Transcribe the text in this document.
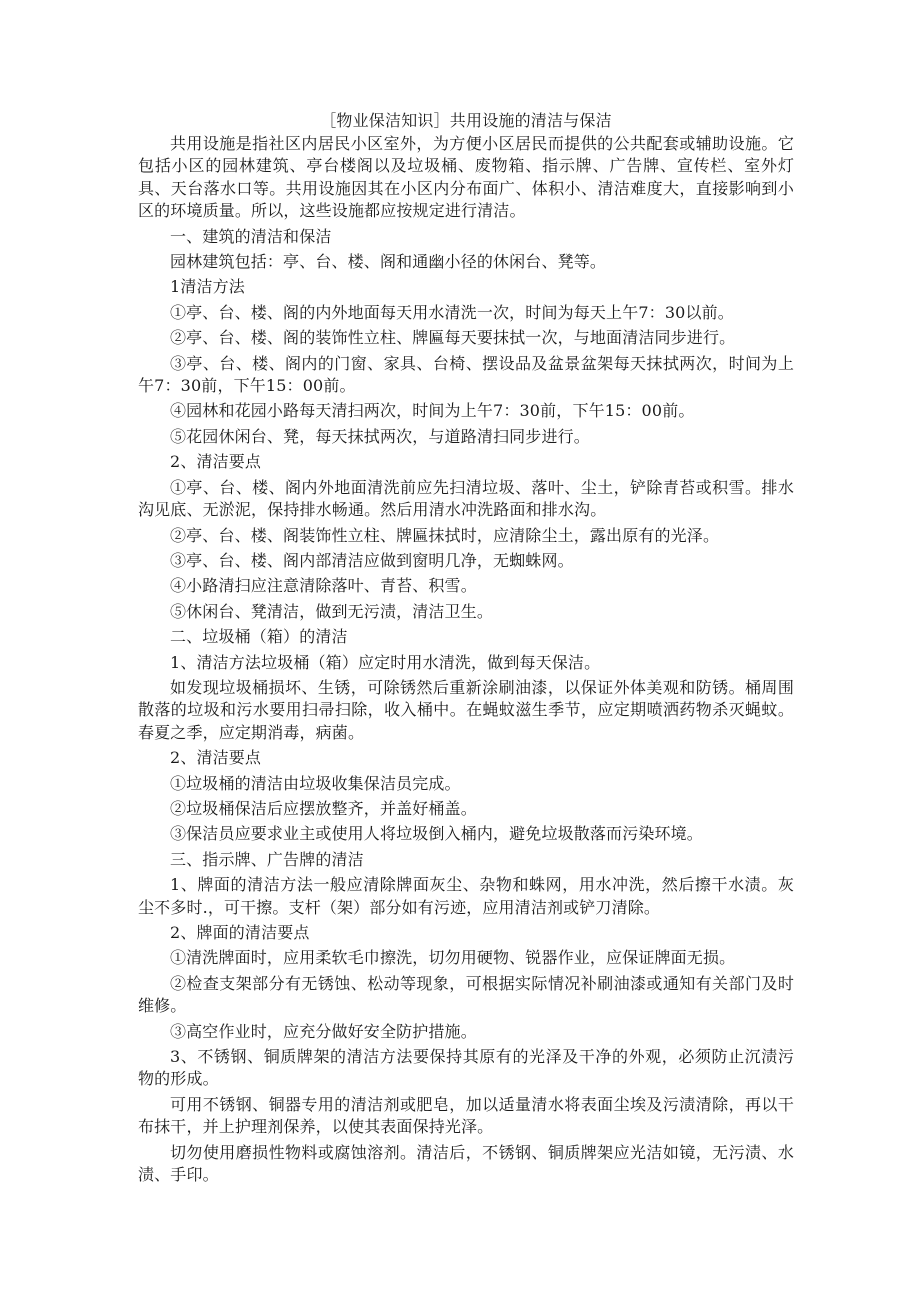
［物业保洁知识］共用设施的清洁与保洁

共用设施是指社区内居民小区室外，为方便小区居民而提供的公共配套或辅助设施。它包括小区的园林建筑、亭台楼阁以及垃圾桶、废物箱、指示牌、广告牌、宣传栏、室外灯具、天台落水口等。共用设施因其在小区内分布面广、体积小、清洁难度大，直接影响到小区的环境质量。所以，这些设施都应按规定进行清洁。

一、建筑的清洁和保洁

园林建筑包括：亭、台、楼、阁和通幽小径的休闲台、凳等。

1清洁方法

①亭、台、楼、阁的内外地面每天用水清洗一次，时间为每天上午7：30以前。

②亭、台、楼、阁的装饰性立柱、牌匾每天要抹拭一次，与地面清洁同步进行。

③亭、台、楼、阁内的门窗、家具、台椅、摆设品及盆景盆架每天抹拭两次，时间为上午7：30前，下午15：00前。

④园林和花园小路每天清扫两次，时间为上午7：30前，下午15：00前。

⑤花园休闲台、凳，每天抹拭两次，与道路清扫同步进行。

2、清洁要点

①亭、台、楼、阁内外地面清洗前应先扫清垃圾、落叶、尘土，铲除青苔或积雪。排水沟见底、无淤泥，保持排水畅通。然后用清水冲洗路面和排水沟。

②亭、台、楼、阁装饰性立柱、牌匾抹拭时，应清除尘土，露出原有的光泽。

③亭、台、楼、阁内部清洁应做到窗明几净，无蜘蛛网。

④小路清扫应注意清除落叶、青苔、积雪。

⑤休闲台、凳清洁，做到无污渍，清洁卫生。

二、垃圾桶（箱）的清洁

1、清洁方法垃圾桶（箱）应定时用水清洗，做到每天保洁。

如发现垃圾桶损坏、生锈，可除锈然后重新涂刷油漆，以保证外体美观和防锈。桶周围散落的垃圾和污水要用扫帚扫除，收入桶中。在蝇蚊滋生季节，应定期喷洒药物杀灭蝇蚊。春夏之季，应定期消毒，病菌。

2、清洁要点

①垃圾桶的清洁由垃圾收集保洁员完成。

②垃圾桶保洁后应摆放整齐，并盖好桶盖。

③保洁员应要求业主或使用人将垃圾倒入桶内，避免垃圾散落而污染环境。

三、指示牌、广告牌的清洁

1、牌面的清洁方法一般应清除牌面灰尘、杂物和蛛网，用水冲洗，然后擦干水渍。灰尘不多时.，可干擦。支杆（架）部分如有污迹，应用清洁剂或铲刀清除。

2、牌面的清洁要点

①清洗牌面时，应用柔软毛巾擦洗，切勿用硬物、锐器作业，应保证牌面无损。

②检查支架部分有无锈蚀、松动等现象，可根据实际情况补刷油漆或通知有关部门及时维修。

③高空作业时，应充分做好安全防护措施。

3、不锈钢、铜质牌架的清洁方法要保持其原有的光泽及干净的外观，必须防止沉渍污物的形成。

可用不锈钢、铜器专用的清洁剂或肥皂，加以适量清水将表面尘埃及污渍清除，再以干布抹干，并上护理剂保养，以使其表面保持光泽。

切勿使用磨损性物料或腐蚀溶剂。清洁后，不锈钢、铜质牌架应光洁如镜，无污渍、水渍、手印。
